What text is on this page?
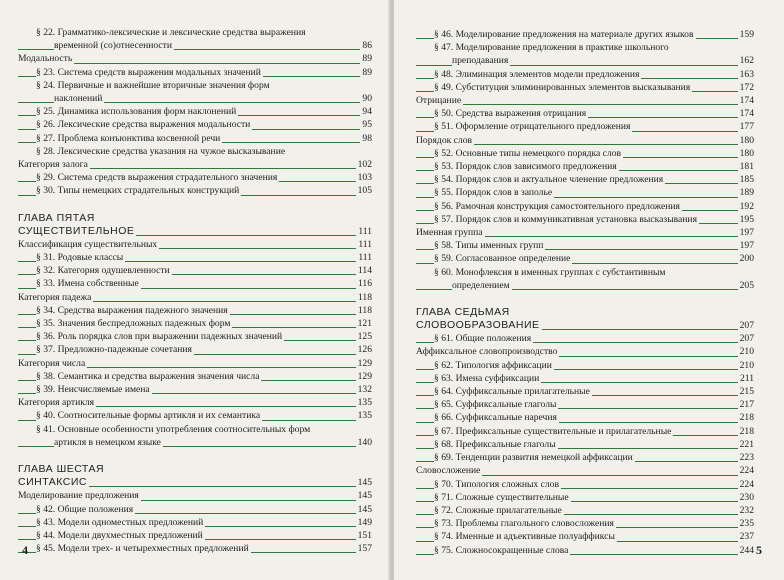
§ 22. Грамматико-лексические и лексические средства выражения
временной (со)отнесенности	86
Модальность	89
§ 23. Система средств выражения модальных значений	89
§ 24. Первичные и важнейшие вторичные значения форм
наклонений	90
§ 25. Динамика использования форм наклонений	94
§ 26. Лексические средства выражения модальности	95
§ 27. Проблема конъюнктива косвенной речи	98
§ 28. Лексические средства указания на чужое высказывание
Категория залога	102
§ 29. Система средств выражения страдательного значения	103
§ 30. Типы немецких страдательных конструкций	105
ГЛАВА ПЯТАЯ
СУЩЕСТВИТЕЛЬНОЕ	111
Классификация существительных	111
§ 31. Родовые классы	111
§ 32. Категория одушевленности	114
§ 33. Имена собственные	116
Категория падежа	118
§ 34. Средства выражения падежного значения	118
§ 35. Значения беспредложных падежных форм	121
§ 36. Роль порядка слов при выражении падежных значений	125
§ 37. Предложно-падежные сочетания	126
Категория числа	129
§ 38. Семантика и средства выражения значения числа	129
§ 39. Неисчисляемые имена	132
Категория артикля	135
§ 40. Соотносительные формы артикля и их семантика	135
§ 41. Основные особенности употребления соотносительных форм
артикля в немецком языке	140
ГЛАВА ШЕСТАЯ
СИНТАКСИС	145
Моделирование предложения	145
§ 42. Общие положения	145
§ 43. Модели одноместных предложений	149
§ 44. Модели двухместных предложений	151
§ 45. Модели трех- и четырехместных предложений	157
4
§ 46. Моделирование предложения на материале других языков	159
§ 47. Моделирование предложения в практике школьного
преподавания	162
§ 48. Элиминация элементов модели предложения	163
§ 49. Субституция элиминированных элементов высказывания	172
Отрицание	174
§ 50. Средства выражения отрицания	174
§ 51. Оформление отрицательного предложения	177
Порядок слов	180
§ 52. Основные типы немецкого порядка слов	180
§ 53. Порядок слов зависимого предложения	181
§ 54. Порядок слов и актуальное членение предложения	185
§ 55. Порядок слов в заполье	189
§ 56. Рамочная конструкция самостоятельного предложения	192
§ 57. Порядок слов и коммуникативная установка высказывания	195
Именная группа	197
§ 58. Типы именных групп	197
§ 59. Согласованное определение	200
§ 60. Монофлексия в именных группах с субстантивным
определением	205
ГЛАВА СЕДЬМАЯ
СЛОВООБРАЗОВАНИЕ	207
§ 61. Общие положения	207
Аффиксальное словопроизводство	210
§ 62. Типология аффиксации	210
§ 63. Имена суффиксации	211
§ 64. Суффиксальные прилагательные	215
§ 65. Суффиксальные глаголы	217
§ 66. Суффиксальные наречия	218
§ 67. Префиксальные существительные и прилагательные	218
§ 68. Префиксальные глаголы	221
§ 69. Тенденции развития немецкой аффиксации	223
Словосложение	224
§ 70. Типология сложных слов	224
§ 71. Сложные существительные	230
§ 72. Сложные прилагательные	232
§ 73. Проблемы глагольного словосложения	235
§ 74. Именные и адъективные полуаффиксы	237
§ 75. Сложносокращенные слова	244 5
